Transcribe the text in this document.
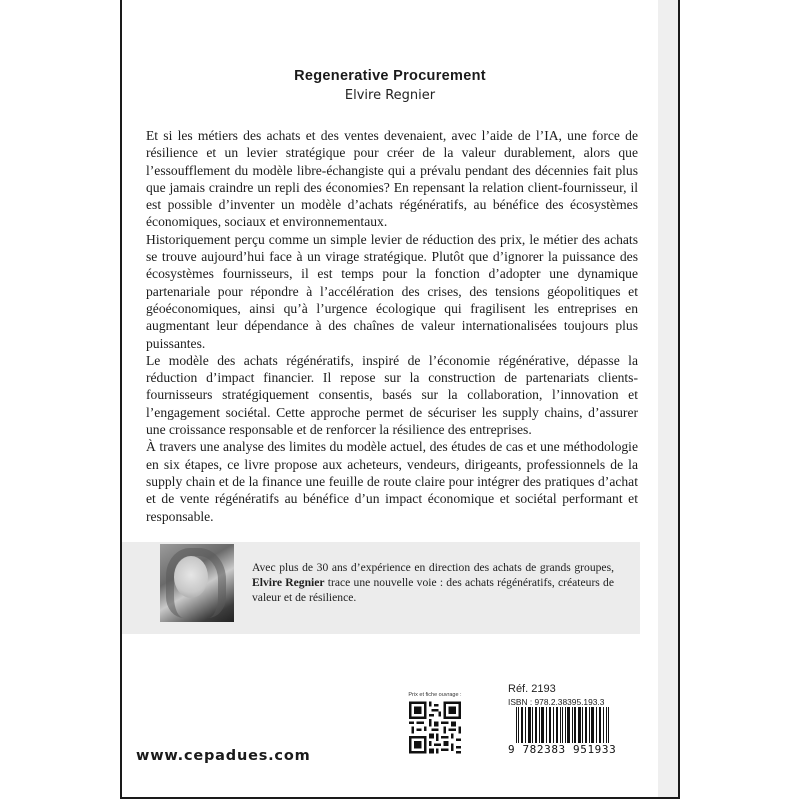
Regenerative Procurement
Elvire Regnier

Et si les métiers des achats et des ventes devenaient, avec l’aide de l’IA, une force de résilience et un levier stratégique pour créer de la valeur durablement, alors que l’essoufflement du modèle libre-échangiste qui a prévalu pendant des décennies fait plus que jamais craindre un repli des économies? En repensant la relation client-fournisseur, il est possible d’inventer un modèle d’achats régénératifs, au bénéfice des écosystèmes économiques, sociaux et environnementaux.

Historiquement perçu comme un simple levier de réduction des prix, le métier des achats se trouve aujourd’hui face à un virage stratégique. Plutôt que d’ignorer la puissance des écosystèmes fournisseurs, il est temps pour la fonction d’adopter une dynamique partenariale pour répondre à l’accélération des crises, des tensions géopolitiques et géoéconomiques, ainsi qu’à l’urgence écologique qui fragilisent les entreprises en augmentant leur dépendance à des chaînes de valeur internationalisées toujours plus puissantes.

Le modèle des achats régénératifs, inspiré de l’économie régénérative, dépasse la réduction d’impact financier. Il repose sur la construction de partenariats clients-fournisseurs stratégiquement consentis, basés sur la collaboration, l’innovation et l’engagement sociétal. Cette approche permet de sécuriser les supply chains, d’assurer une croissance responsable et de renforcer la résilience des entreprises.

À travers une analyse des limites du modèle actuel, des études de cas et une méthodologie en six étapes, ce livre propose aux acheteurs, vendeurs, dirigeants, professionnels de la supply chain et de la finance une feuille de route claire pour intégrer des pratiques d’achat et de vente régénératifs au bénéfice d’un impact économique et sociétal performant et responsable.

Avec plus de 30 ans d’expérience en direction des achats de grands groupes, Elvire Regnier trace une nouvelle voie : des achats régénératifs, créateurs de valeur et de résilience.
www.cepadues.com
Prix et fiche ouvrage :	Réf. 2193
ISBN : 978.2.38395.193.3
9 782383 951933
